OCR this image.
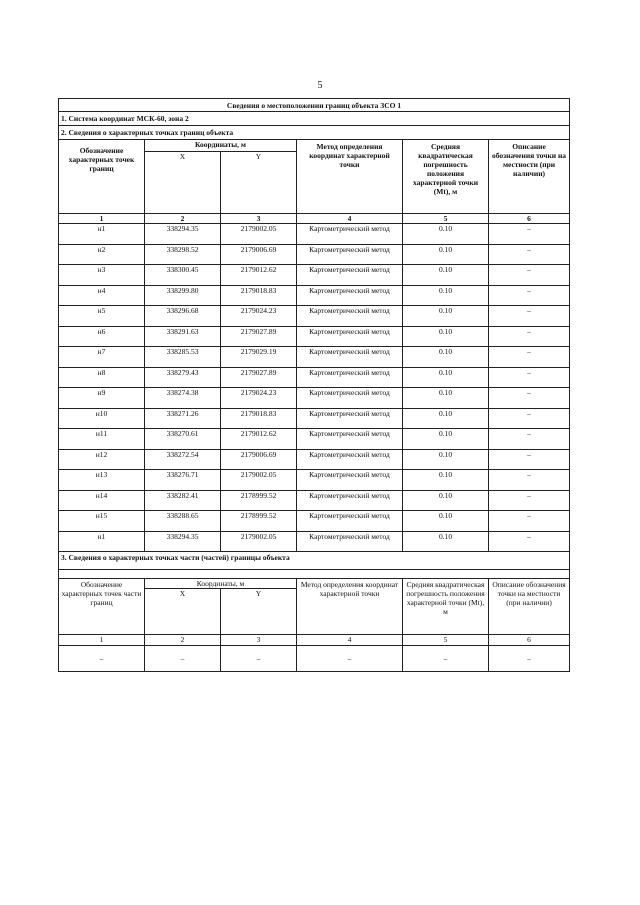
5
Сведения о местоположении границ объекта ЗСО 1					
1. Система координат МСК-60, зона 2					
2. Сведения о характерных точках границ объекта					
Обозначение характерных точек границ	Координаты, м		Метод определения координат характерной точки	Средняя квадратическая погрешность положения характерной точки (Mt), м	Описание обозначения точки на местности (при наличии)
	X	Y			
1	2	3	4	5	6
н1	338294.35	2179002.05	Картометрический метод	0.10	–
н2	338298.52	2179006.69	Картометрический метод	0.10	–
н3	338300.45	2179012.62	Картометрический метод	0.10	–
н4	338299.80	2179018.83	Картометрический метод	0.10	–
н5	338296.68	2179024.23	Картометрический метод	0.10	–
н6	338291.63	2179027.89	Картометрический метод	0.10	–
н7	338285.53	2179029.19	Картометрический метод	0.10	–
н8	338279.43	2179027.89	Картометрический метод	0.10	–
н9	338274.38	2179024.23	Картометрический метод	0.10	–
н10	338271.26	2179018.83	Картометрический метод	0.10	–
н11	338270.61	2179012.62	Картометрический метод	0.10	–
н12	338272.54	2179006.69	Картометрический метод	0.10	–
н13	338276.71	2179002.05	Картометрический метод	0.10	–
н14	338282.41	2178999.52	Картометрический метод	0.10	–
н15	338288.65	2178999.52	Картометрический метод	0.10	–
н1	338294.35	2179002.05	Картометрический метод	0.10	–
3. Сведения о характерных точках части (частей) границы объекта					

Обозначение характерных точек части границ	Координаты, м		Метод определения координат характерной точки	Средняя квадратическая погрешность положения характерной точки (Mt), м	Описание обозначения точки на местности (при наличии)
	X	Y			
1	2	3	4	5	6
–	–	–	–	–	–
